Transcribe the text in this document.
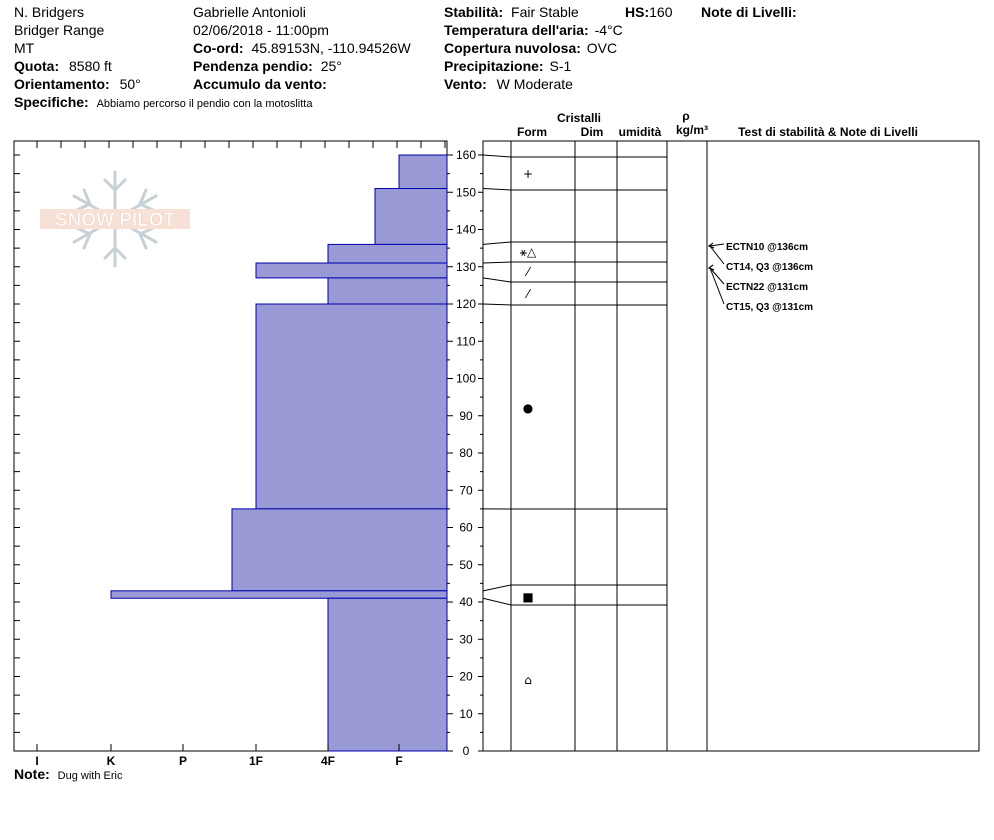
N. Bridgers
Bridger Range
MT
Quota: 8580 ft
Orientamento: 50°
Specifiche: Abbiamo percorso il pendio con la motoslitta
Gabrielle Antonioli
02/06/2018 - 11:00pm
Co-ord: 45.89153N, -110.94526W
Pendenza pendio: 25°
Accumulo da vento:
Stabilità: Fair Stable	HS:160 Note di Livelli:
Temperatura dell'aria: -4°C
Copertura nuvolosa: OVC
Precipitazione: S-1
Vento: W Moderate
Note: Dug with Eric
SNOW PILOT
I	K	P	1F	4F	F
0
10
20
30
40
50
60
70
80
90
100
110
120
130
140
150
160
+
⚹△
⁄
⁄
●
■
⌂
ECTN10 @136cm
CT14, Q3 @136cm
ECTN22 @131cm
CT15, Q3 @131cm
Cristalli
Form	Dim umidità
ρ
kg/m³	Test di stabilità & Note di Livelli
